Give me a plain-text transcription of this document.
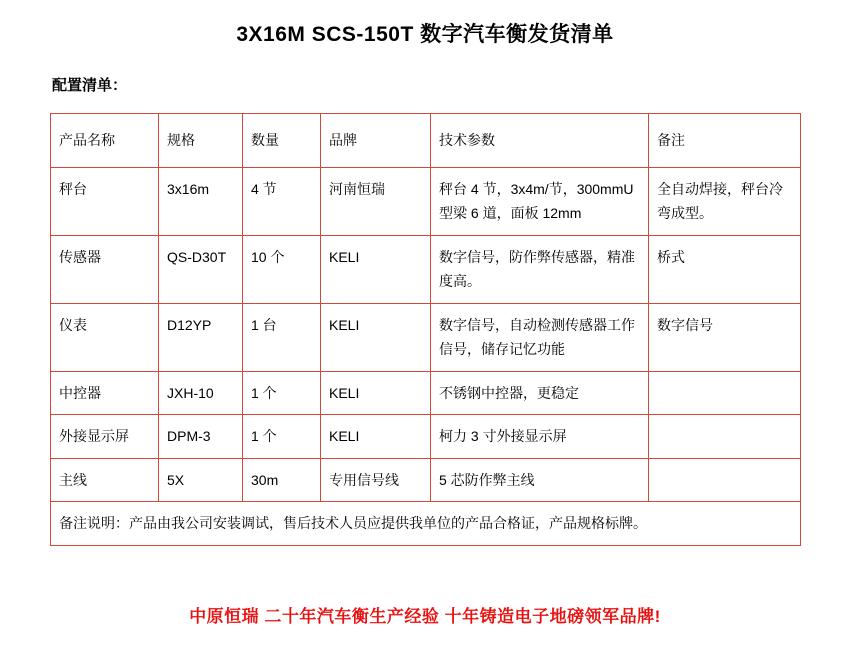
3X16M SCS-150T 数字汽车衡发货清单
配置清单：
产品名称	规格	数量	品牌	技术参数	备注
秤台	3x16m	4 节	河南恒瑞	秤台 4 节，3x4m/节，300mmU 型梁 6 道，面板 12mm	全自动焊接，秤台冷弯成型。
传感器	QS-D30T	10 个	KELI	数字信号，防作弊传感器，精准度高。	桥式
仪表	D12YP	1 台	KELI	数字信号，自动检测传感器工作信号，储存记忆功能	数字信号
中控器	JXH-10	1 个	KELI	不锈钢中控器，更稳定	
外接显示屏	DPM-3	1 个	KELI	柯力 3 寸外接显示屏	
主线	5X	30m	专用信号线	5 芯防作弊主线	
备注说明：产品由我公司安装调试，售后技术人员应提供我单位的产品合格证，产品规格标牌。					
中原恒瑞 二十年汽车衡生产经验 十年铸造电子地磅领军品牌!
